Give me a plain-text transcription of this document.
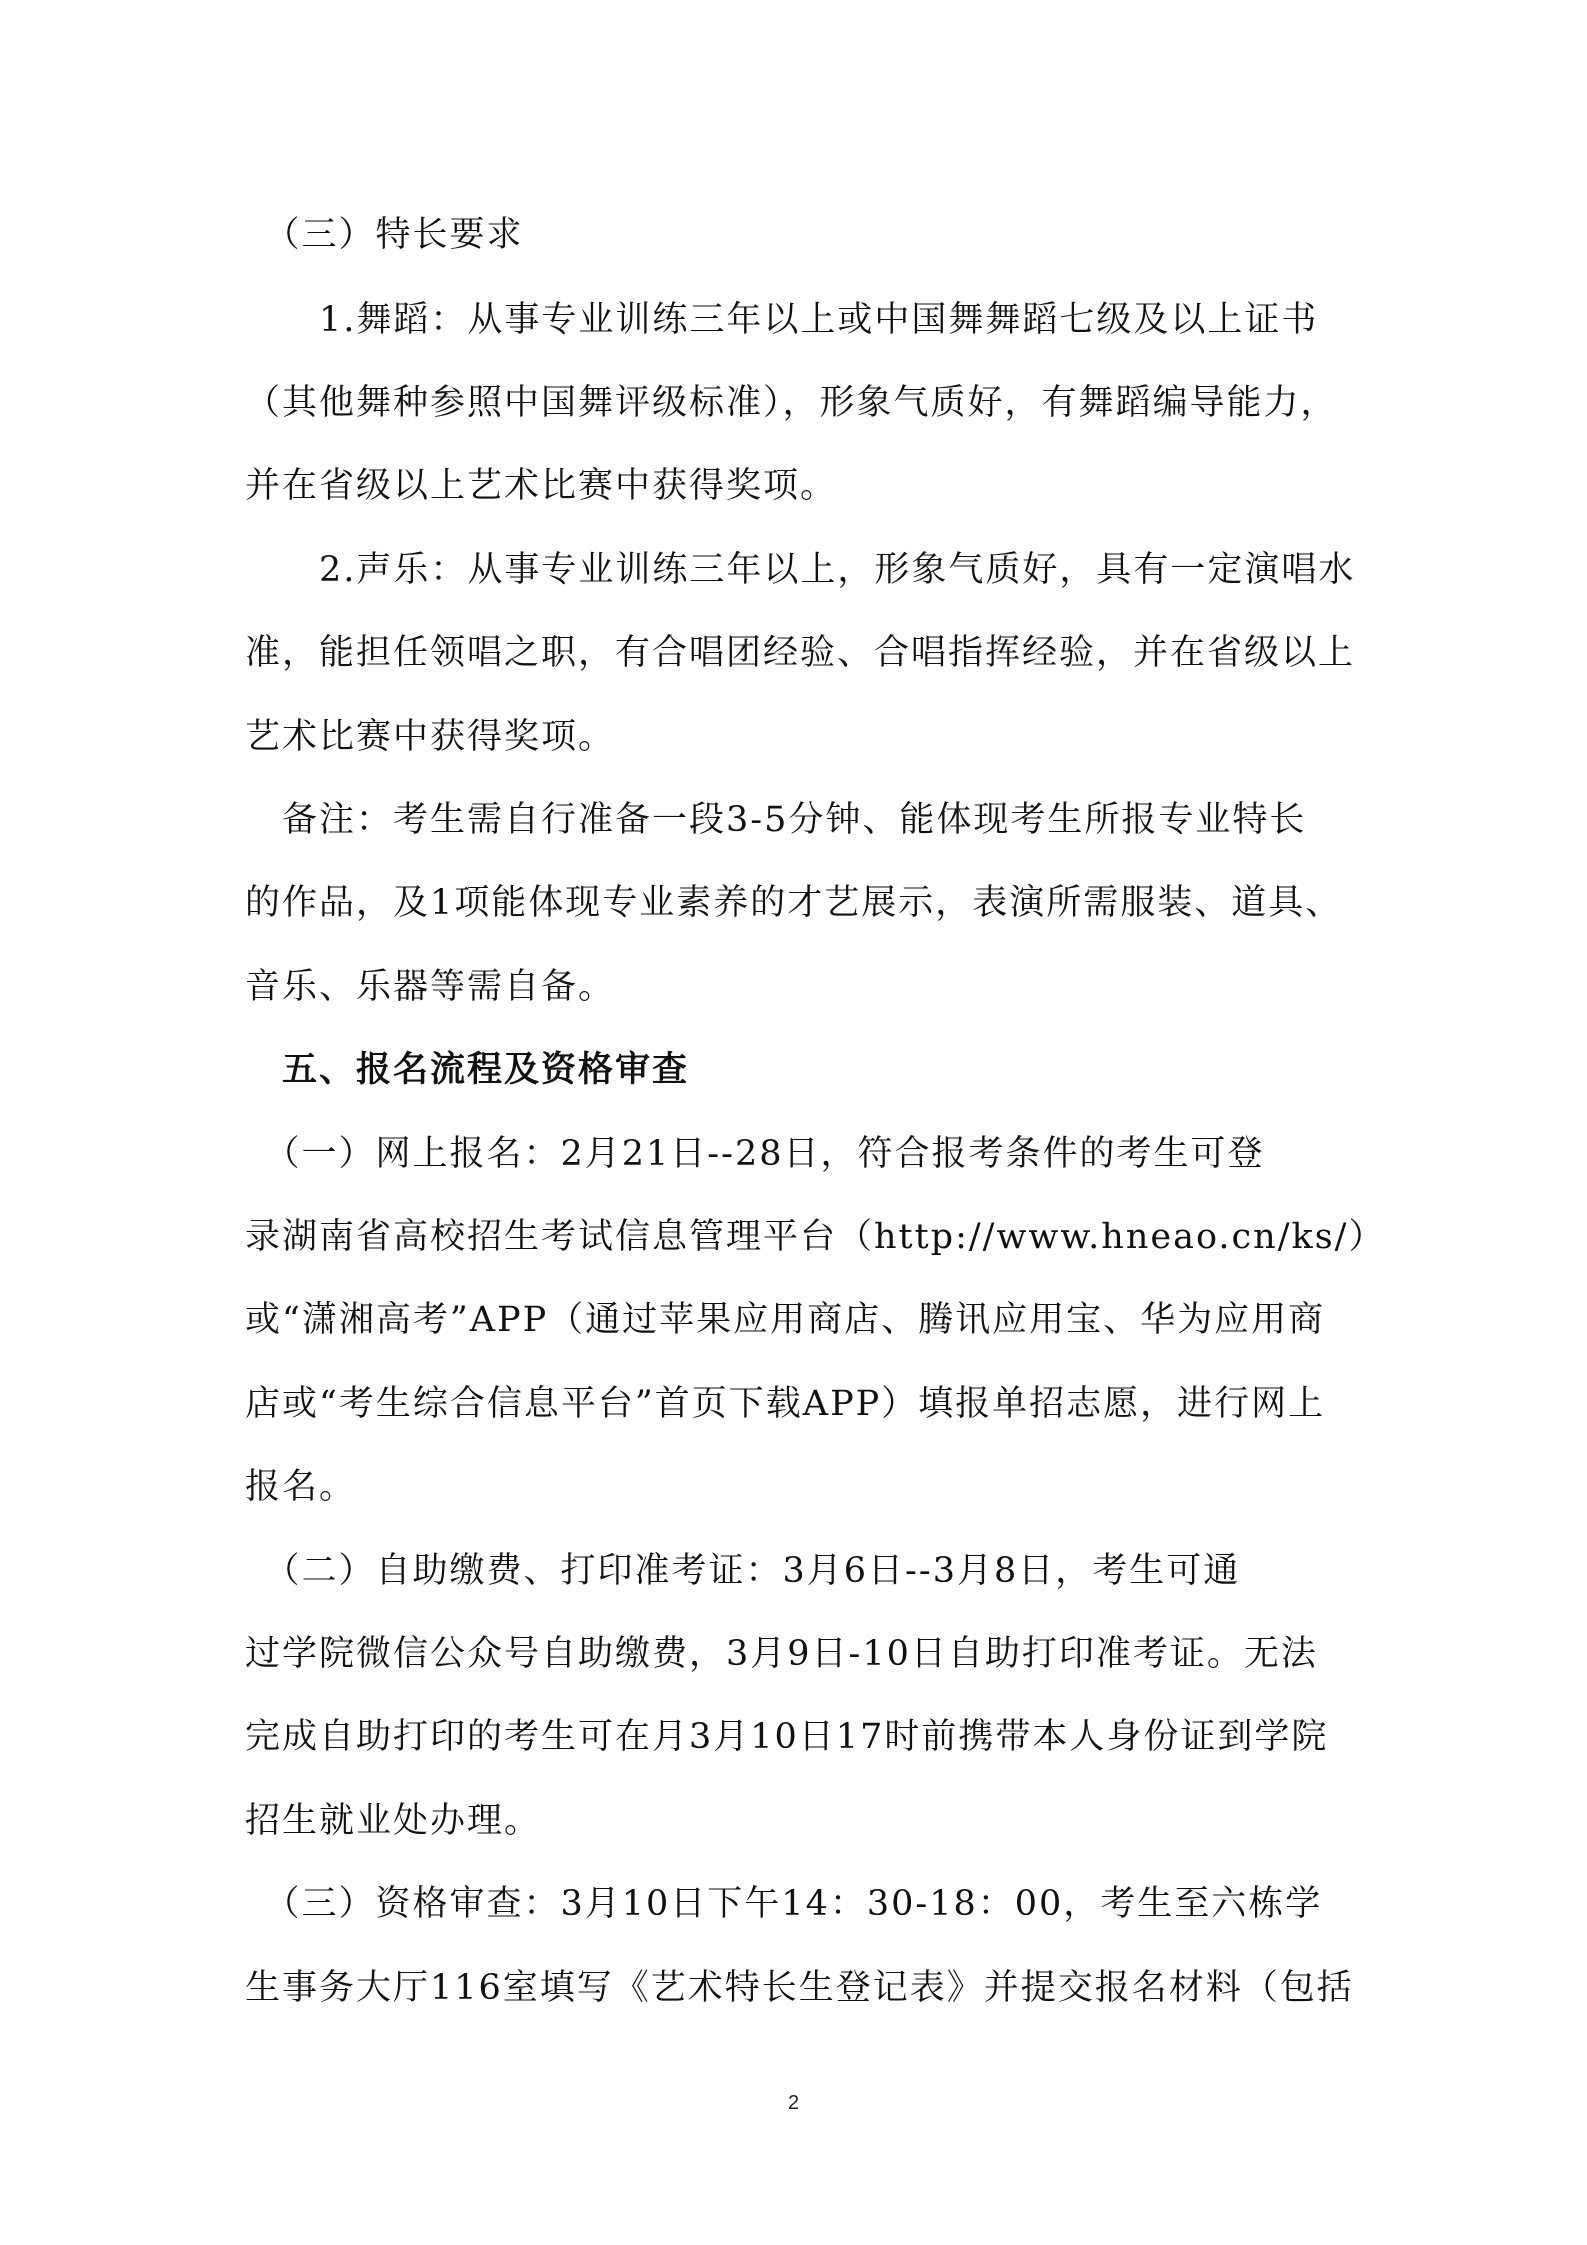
　（三）特长要求
　　1.舞蹈：从事专业训练三年以上或中国舞舞蹈七级及以上证书
（其他舞种参照中国舞评级标准），形象气质好，有舞蹈编导能力，
并在省级以上艺术比赛中获得奖项。
　　2.声乐：从事专业训练三年以上，形象气质好，具有一定演唱水
准，能担任领唱之职，有合唱团经验、合唱指挥经验，并在省级以上
艺术比赛中获得奖项。
　备注：考生需自行准备一段3-5分钟、能体现考生所报专业特长
的作品，及1项能体现专业素养的才艺展示，表演所需服装、道具、
音乐、乐器等需自备。
　五、报名流程及资格审查
　（一）网上报名：2月21日--28日，符合报考条件的考生可登
录湖南省高校招生考试信息管理平台（http://www.hneao.cn/ks/）
或“潇湘高考”APP（通过苹果应用商店、腾讯应用宝、华为应用商
店或“考生综合信息平台”首页下载APP）填报单招志愿，进行网上
报名。
　（二）自助缴费、打印准考证：3月6日--3月8日，考生可通
过学院微信公众号自助缴费，3月9日-10日自助打印准考证。无法
完成自助打印的考生可在月3月10日17时前携带本人身份证到学院
招生就业处办理。
　（三）资格审查：3月10日下午14：30-18：00，考生至六栋学
生事务大厅116室填写《艺术特长生登记表》并提交报名材料（包括
2
